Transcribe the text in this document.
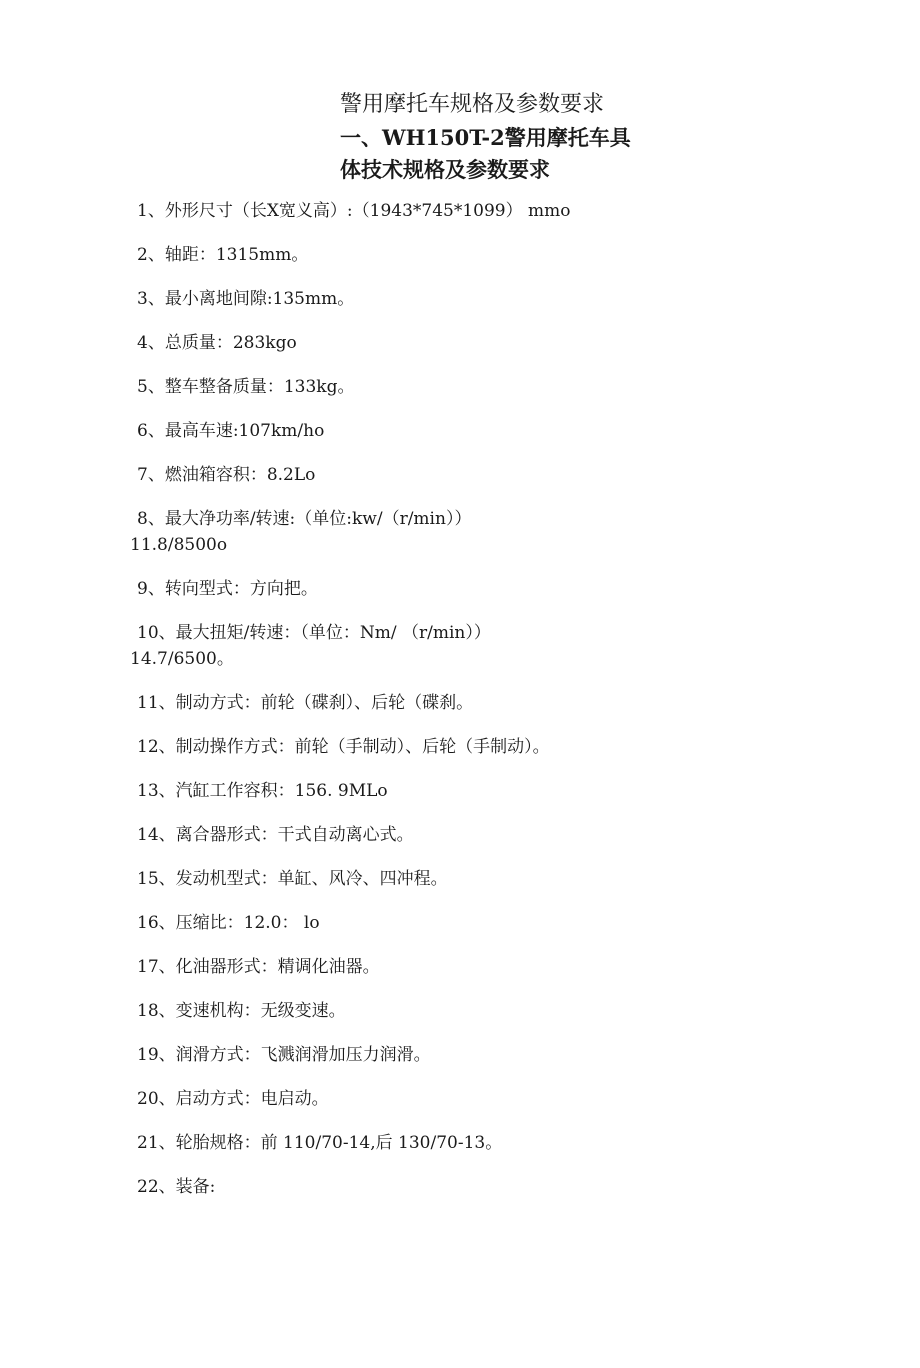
警用摩托车规格及参数要求
一、WH150T-2警用摩托车具
体技术规格及参数要求
1、外形尺寸（长X宽义高）:（1943*745*1099） mmo
2、轴距：1315mm。
3、最小离地间隙:135mm。
4、总质量：283kgo
5、整车整备质量：133kg。
6、最高车速:107km/ho
7、燃油箱容积：8.2Lo
8、最大净功率/转速:（单位:kw/（r/min））
11.8/8500o
9、转向型式：方向把。
10、最大扭矩/转速：（单位：Nm/ （r/min））
14.7/6500。
11、制动方式：前轮（碟刹）、后轮（碟刹。
12、制动操作方式：前轮（手制动）、后轮（手制动）。
13、汽缸工作容积：156. 9MLo
14、离合器形式：干式自动离心式。
15、发动机型式：单缸、风冷、四冲程。
16、压缩比：12.0： lo
17、化油器形式：精调化油器。
18、变速机构：无级变速。
19、润滑方式：飞溅润滑加压力润滑。
20、启动方式：电启动。
21、轮胎规格：前 110/70-14,后 130/70-13。
22、装备:
